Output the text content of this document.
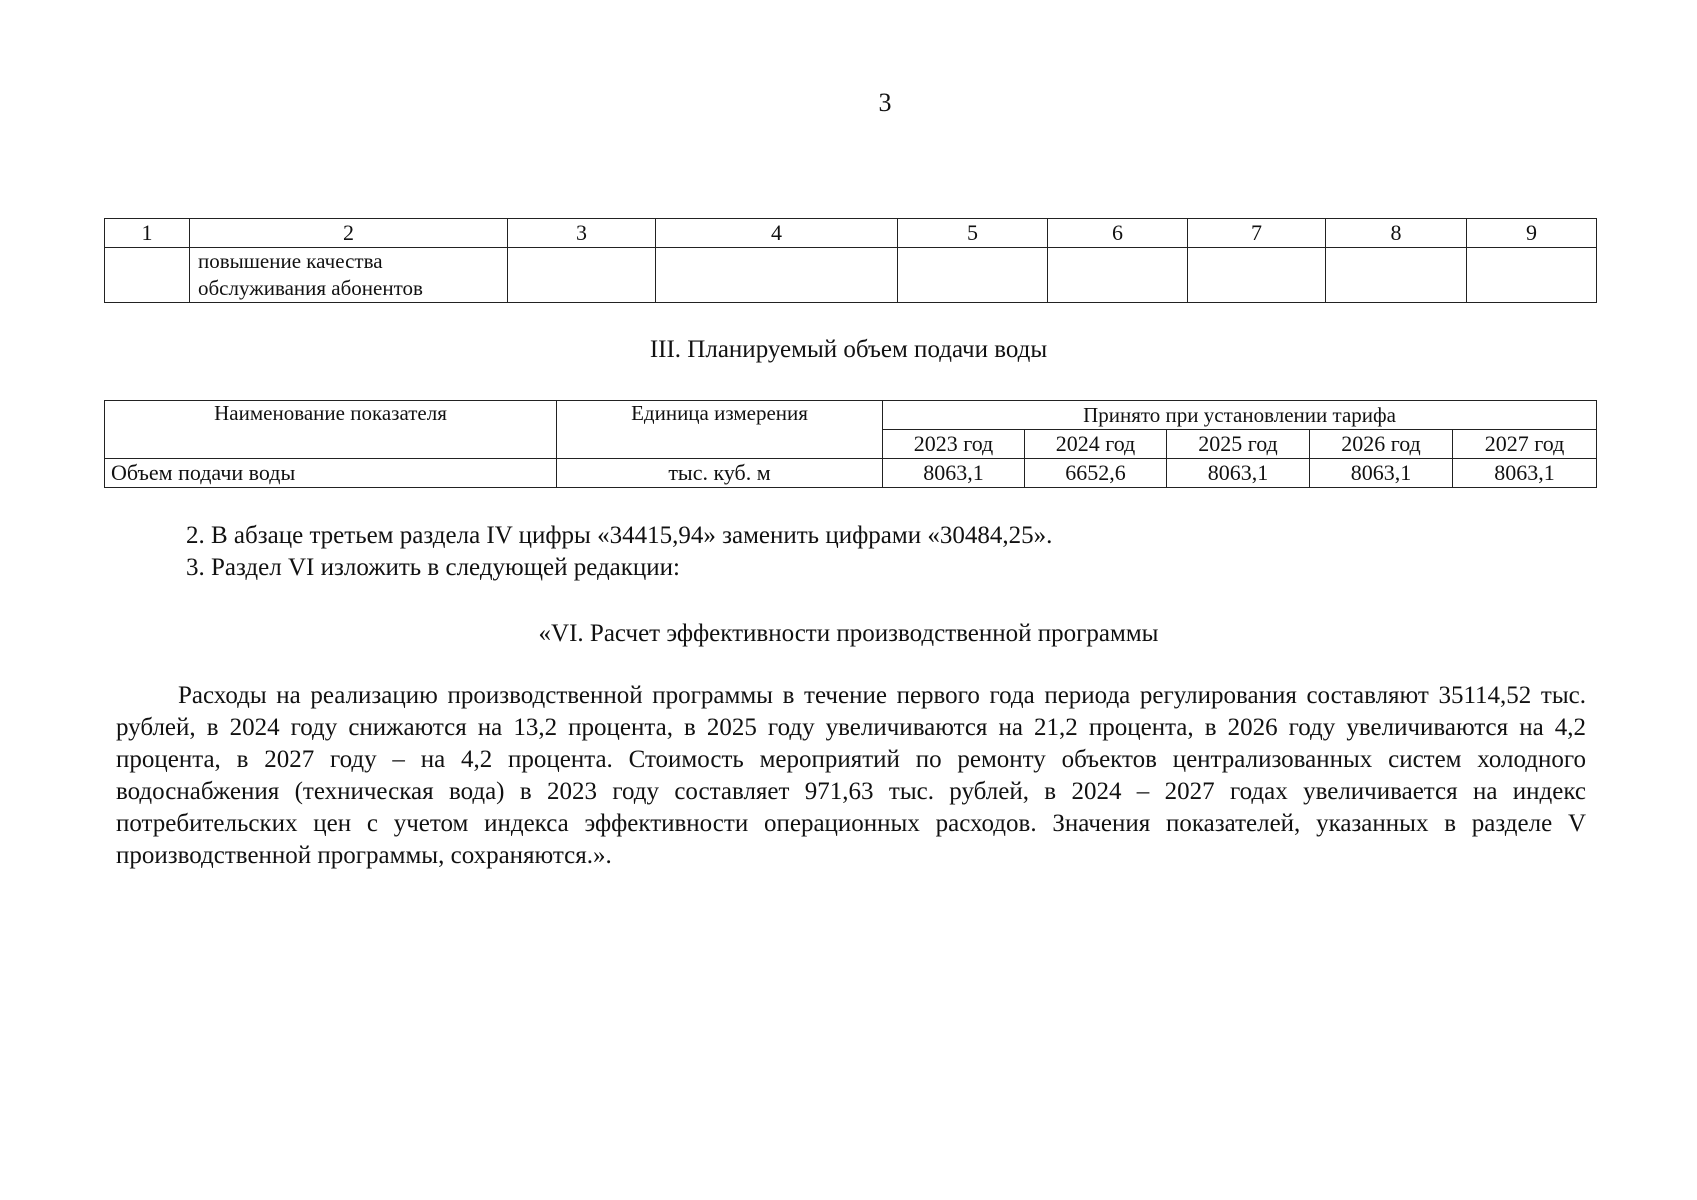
3
1	2	3	4	5	6	7	8	9

	повышение качества
обслуживания абонентов							

III. Планируемый объем подачи воды
Наименование показателя	Единица измерения	Принято при установлении тарифа				
		2023 год	2024 год	2025 год	2026 год	2027 год
Объем подачи воды	тыс. куб. м	8063,1	6652,6	8063,1	8063,1	8063,1
2. В абзаце третьем раздела IV цифры «34415,94» заменить цифрами «30484,25».
3. Раздел VI изложить в следующей редакции:
«VI. Расчет эффективности производственной программы
Расходы на реализацию производственной программы в течение первого года периода регулирования составляют 35114,52 тыс. рублей, в 2024 году снижаются на 13,2 процента, в 2025 году увеличиваются на 21,2 процента, в 2026 году увеличиваются на 4,2 процента, в 2027 году – на 4,2 процента. Стоимость мероприятий по ремонту объектов централизованных систем холодного водоснабжения (техническая вода) в 2023 году составляет 971,63 тыс. рублей, в 2024 – 2027 годах увеличивается на индекс потребительских цен с учетом индекса эффективности операционных расходов. Значения показателей, указанных в разделе V производственной программы, сохраняются.».
